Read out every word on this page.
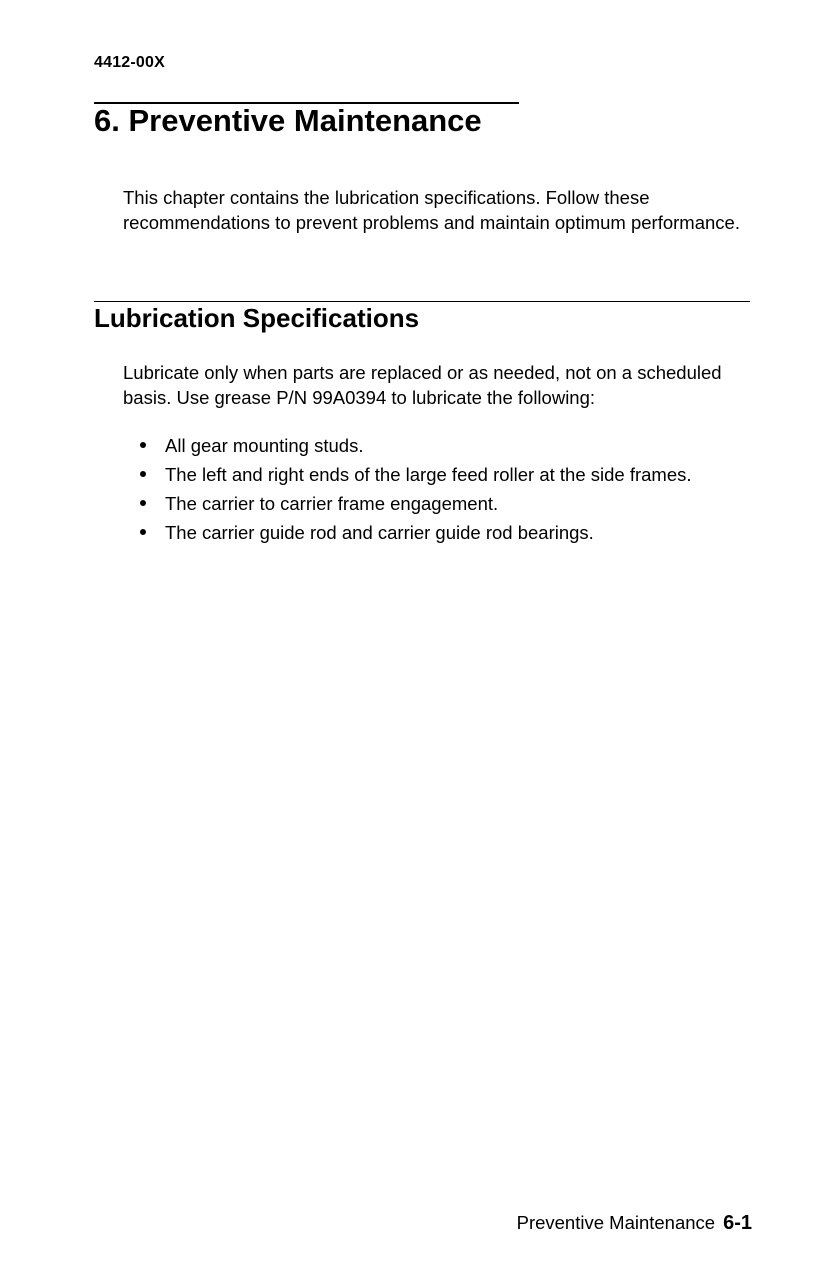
4412-00X
6. Preventive Maintenance

This chapter contains the lubrication specifications. Follow these recommendations to prevent problems and maintain optimum performance.

Lubrication Specifications

Lubricate only when parts are replaced or as needed, not on a scheduled basis. Use grease P/N 99A0394 to lubricate the following:

All gear mounting studs.
The left and right ends of the large feed roller at the side frames.
The carrier to carrier frame engagement.
The carrier guide rod and carrier guide rod bearings.
Preventive Maintenance 6-1
